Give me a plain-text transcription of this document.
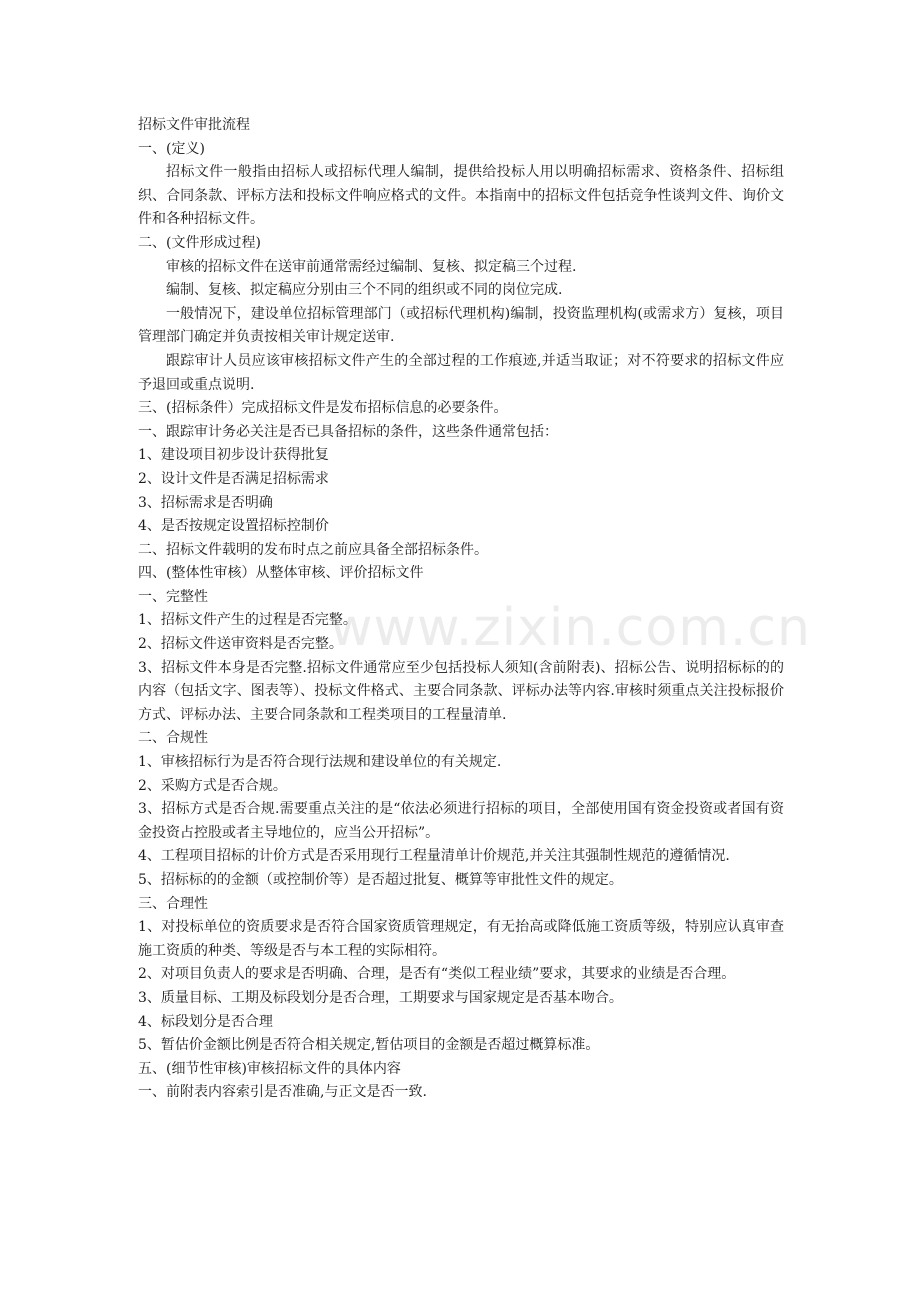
www.zixin.com.cn
招标文件审批流程
一、(定义)
招标文件一般指由招标人或招标代理人编制，提供给投标人用以明确招标需求、资格条件、招标组织、合同条款、评标方法和投标文件响应格式的文件。本指南中的招标文件包括竞争性谈判文件、询价文件和各种招标文件。
二、(文件形成过程)
审核的招标文件在送审前通常需经过编制、复核、拟定稿三个过程.
编制、复核、拟定稿应分别由三个不同的组织或不同的岗位完成.
一般情况下，建设单位招标管理部门（或招标代理机构)编制，投资监理机构(或需求方）复核，项目管理部门确定并负责按相关审计规定送审.
跟踪审计人员应该审核招标文件产生的全部过程的工作痕迹,并适当取证；对不符要求的招标文件应予退回或重点说明.
三、(招标条件）完成招标文件是发布招标信息的必要条件。
一、跟踪审计务必关注是否已具备招标的条件，这些条件通常包括：
1、建设项目初步设计获得批复
2、设计文件是否满足招标需求
3、招标需求是否明确
4、是否按规定设置招标控制价
二、招标文件载明的发布时点之前应具备全部招标条件。
四、(整体性审核）从整体审核、评价招标文件
一、完整性
1、招标文件产生的过程是否完整。
2、招标文件送审资料是否完整。
3、招标文件本身是否完整.招标文件通常应至少包括投标人须知(含前附表)、招标公告、说明招标标的的内容（包括文字、图表等）、投标文件格式、主要合同条款、评标办法等内容.审核时须重点关注投标报价方式、评标办法、主要合同条款和工程类项目的工程量清单.
二、合规性
1、审核招标行为是否符合现行法规和建设单位的有关规定.
2、采购方式是否合规。
3、招标方式是否合规.需要重点关注的是“依法必须进行招标的项目，全部使用国有资金投资或者国有资金投资占控股或者主导地位的，应当公开招标”。
4、工程项目招标的计价方式是否采用现行工程量清单计价规范,并关注其强制性规范的遵循情况.
5、招标标的的金额（或控制价等）是否超过批复、概算等审批性文件的规定。
三、合理性
1、对投标单位的资质要求是否符合国家资质管理规定，有无抬高或降低施工资质等级，特别应认真审查施工资质的种类、等级是否与本工程的实际相符。
2、对项目负责人的要求是否明确、合理，是否有“类似工程业绩”要求，其要求的业绩是否合理。
3、质量目标、工期及标段划分是否合理，工期要求与国家规定是否基本吻合。
4、标段划分是否合理
5、暂估价金额比例是否符合相关规定,暂估项目的金额是否超过概算标准。
五、(细节性审核)审核招标文件的具体内容
一、前附表内容索引是否准确,与正文是否一致.
